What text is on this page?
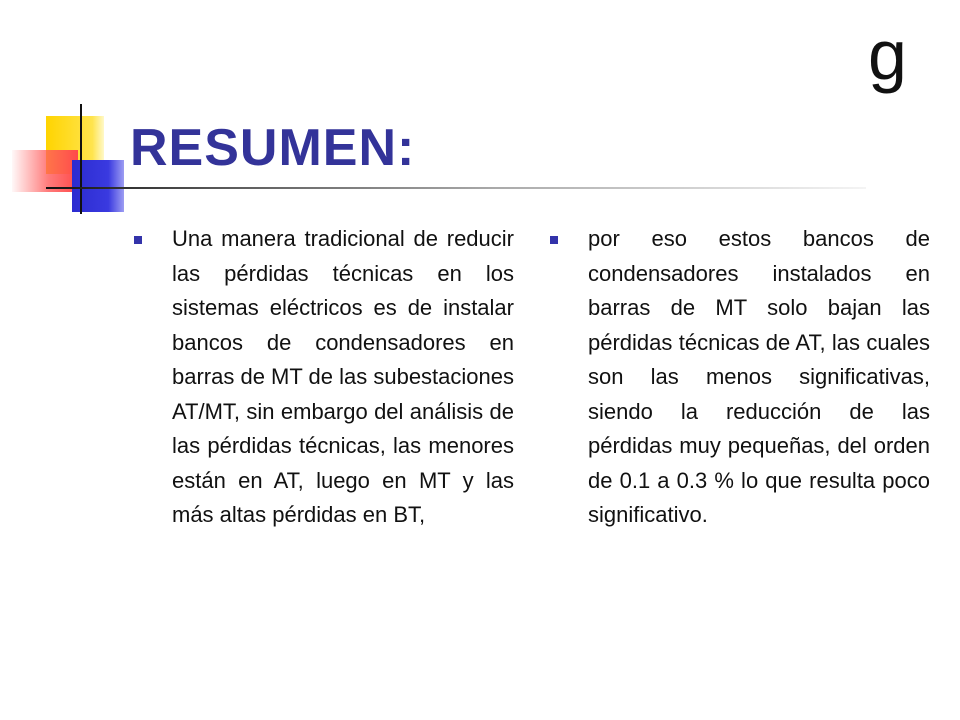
g
RESUMEN:
Una manera tradicional de reducir las pérdidas técnicas en los sistemas eléctricos es de instalar bancos de condensadores en barras de MT de las subestaciones AT/MT, sin embargo del análisis de las pérdidas técnicas, las menores están en AT, luego en MT y las más altas pérdidas en BT,
por eso estos bancos de condensadores instalados en barras de MT solo bajan las pérdidas técnicas de AT, las cuales son las menos significativas, siendo la reducción de las pérdidas muy pequeñas, del orden de 0.1 a 0.3 % lo que resulta poco significativo.
